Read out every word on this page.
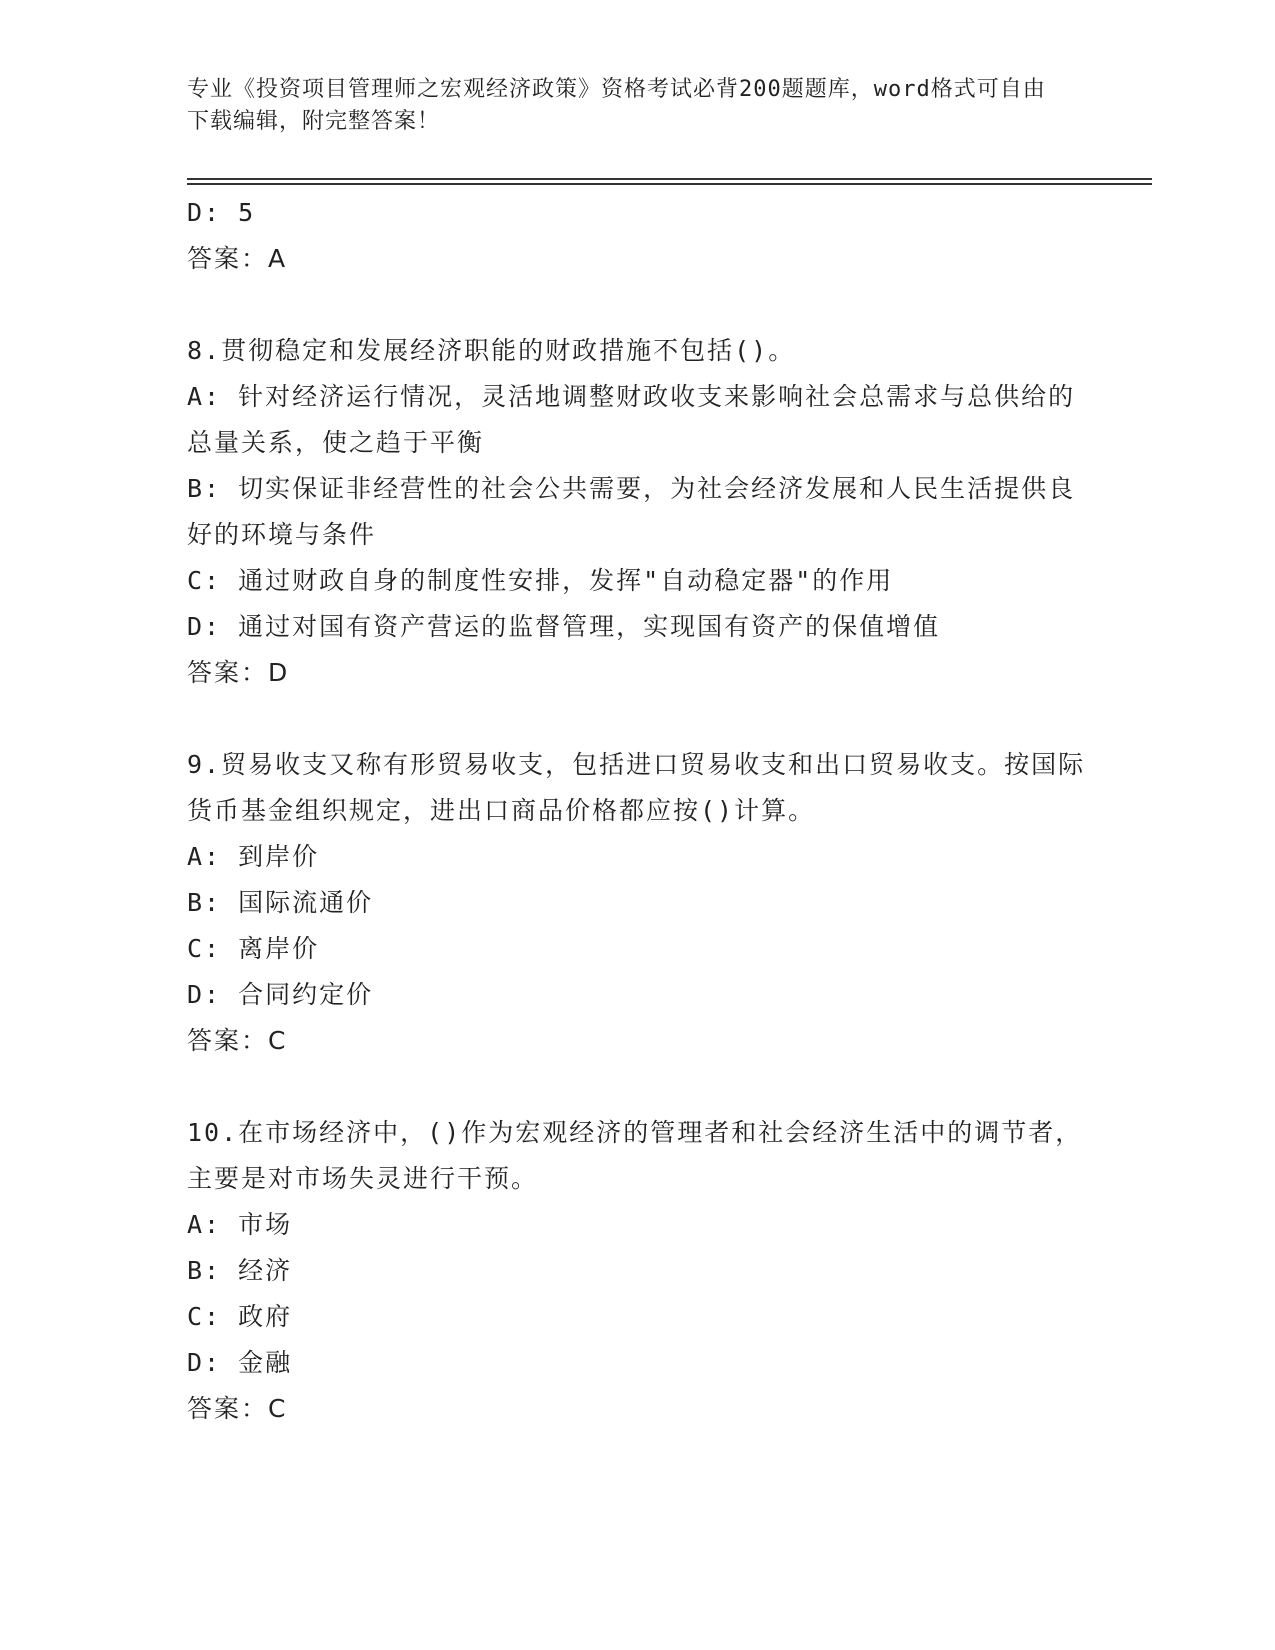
专业《投资项目管理师之宏观经济政策》资格考试必背200题题库，word格式可自由下载编辑，附完整答案！

D: 5

答案：A

8.贯彻稳定和发展经济职能的财政措施不包括()。

A: 针对经济运行情况，灵活地调整财政收支来影响社会总需求与总供给的总量关系，使之趋于平衡

B: 切实保证非经营性的社会公共需要，为社会经济发展和人民生活提供良好的环境与条件

C: 通过财政自身的制度性安排，发挥"自动稳定器"的作用

D: 通过对国有资产营运的监督管理，实现国有资产的保值增值

答案：D

9.贸易收支又称有形贸易收支，包括进口贸易收支和出口贸易收支。按国际货币基金组织规定，进出口商品价格都应按()计算。

A: 到岸价

B: 国际流通价

C: 离岸价

D: 合同约定价

答案：C

10.在市场经济中，()作为宏观经济的管理者和社会经济生活中的调节者，主要是对市场失灵进行干预。

A: 市场

B: 经济

C: 政府

D: 金融

答案：C
